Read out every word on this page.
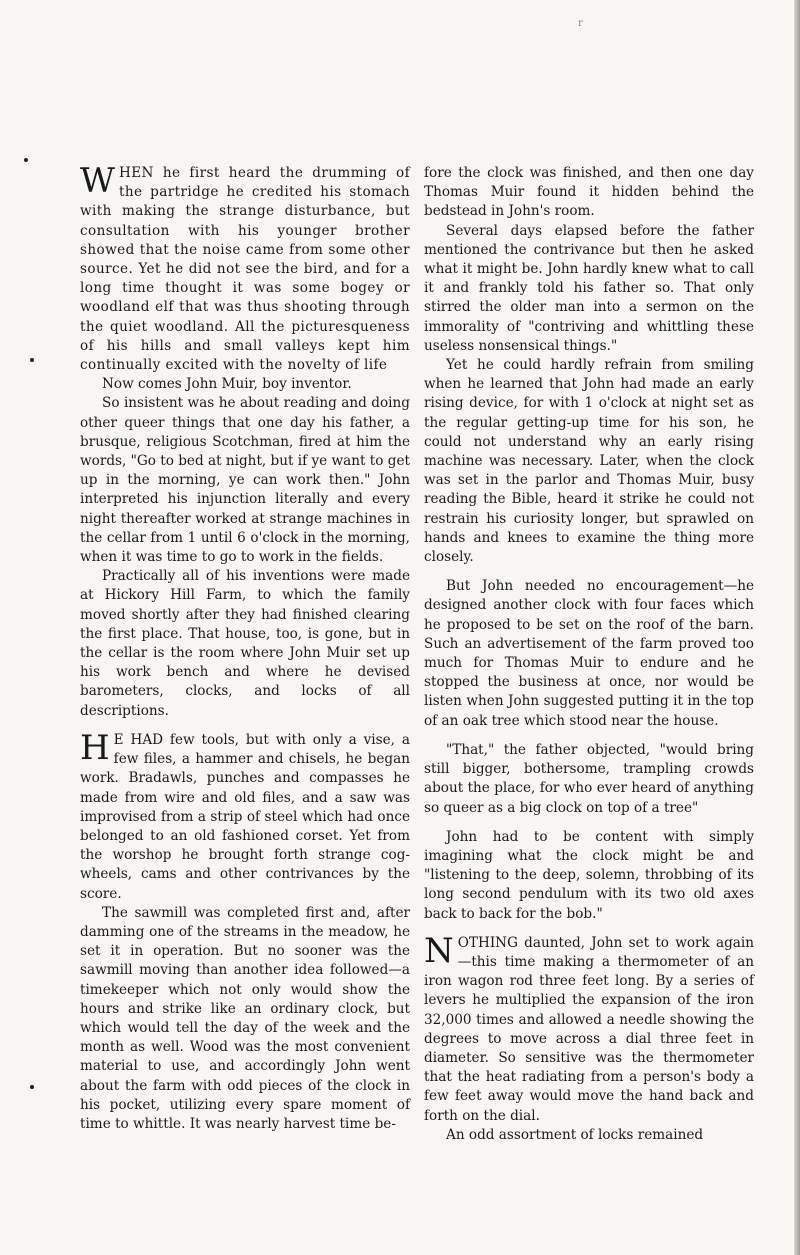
r

WHEN he first heard the drumming of the partridge he credited his stomach with making the strange disturbance, but consultation with his younger brother showed that the noise came from some other source. Yet he did not see the bird, and for a long time thought it was some bogey or woodland elf that was thus shooting through the quiet woodland. All the picturesqueness of his hills and small valleys kept him continually excited with the novelty of life

Now comes John Muir, boy inventor.

So insistent was he about reading and doing other queer things that one day his father, a brusque, religious Scotchman, fired at him the words, "Go to bed at night, but if ye want to get up in the morning, ye can work then." John interpreted his injunction literally and every night thereafter worked at strange machines in the cellar from 1 until 6 o'clock in the morning, when it was time to go to work in the fields.

Practically all of his inventions were made at Hickory Hill Farm, to which the family moved shortly after they had finished clearing the first place. That house, too, is gone, but in the cellar is the room where John Muir set up his work bench and where he devised barometers, clocks, and locks of all descriptions.

H E HAD few tools, but with only a vise, a few files, a hammer and chisels, he began work. Bradawls, punches and compasses he made from wire and old files, and a saw was improvised from a strip of steel which had once belonged to an old fashioned corset. Yet from the worshop he brought forth strange cog-wheels, cams and other contrivances by the score.

The sawmill was completed first and, after damming one of the streams in the meadow, he set it in operation. But no sooner was the sawmill moving than another idea followed—a timekeeper which not only would show the hours and strike like an ordinary clock, but which would tell the day of the week and the month as well. Wood was the most convenient material to use, and accordingly John went about the farm with odd pieces of the clock in his pocket, utilizing every spare moment of time to whittle. It was nearly harvest time be-

fore the clock was finished, and then one day Thomas Muir found it hidden behind the bedstead in John's room.

Several days elapsed before the father mentioned the contrivance but then he asked what it might be. John hardly knew what to call it and frankly told his father so. That only stirred the older man into a sermon on the immorality of "contriving and whittling these useless nonsensical things."

Yet he could hardly refrain from smiling when he learned that John had made an early rising device, for with 1 o'clock at night set as the regular getting-up time for his son, he could not understand why an early rising machine was necessary. Later, when the clock was set in the parlor and Thomas Muir, busy reading the Bible, heard it strike he could not restrain his curiosity longer, but sprawled on hands and knees to examine the thing more closely.

But John needed no encouragement—he designed another clock with four faces which he proposed to be set on the roof of the barn. Such an advertisement of the farm proved too much for Thomas Muir to endure and he stopped the business at once, nor would be listen when John suggested putting it in the top of an oak tree which stood near the house.

"That," the father objected, "would bring still bigger, bothersome, trampling crowds about the place, for who ever heard of anything so queer as a big clock on top of a tree"

John had to be content with simply imagining what the clock might be and "listening to the deep, solemn, throbbing of its long second pendulum with its two old axes back to back for the bob."

NOTHING daunted, John set to work again —this time making a thermometer of an iron wagon rod three feet long. By a series of levers he multiplied the expansion of the iron 32,000 times and allowed a needle showing the degrees to move across a dial three feet in diameter. So sensitive was the thermometer that the heat radiating from a person's body a few feet away would move the hand back and forth on the dial.

An odd assortment of locks remained
